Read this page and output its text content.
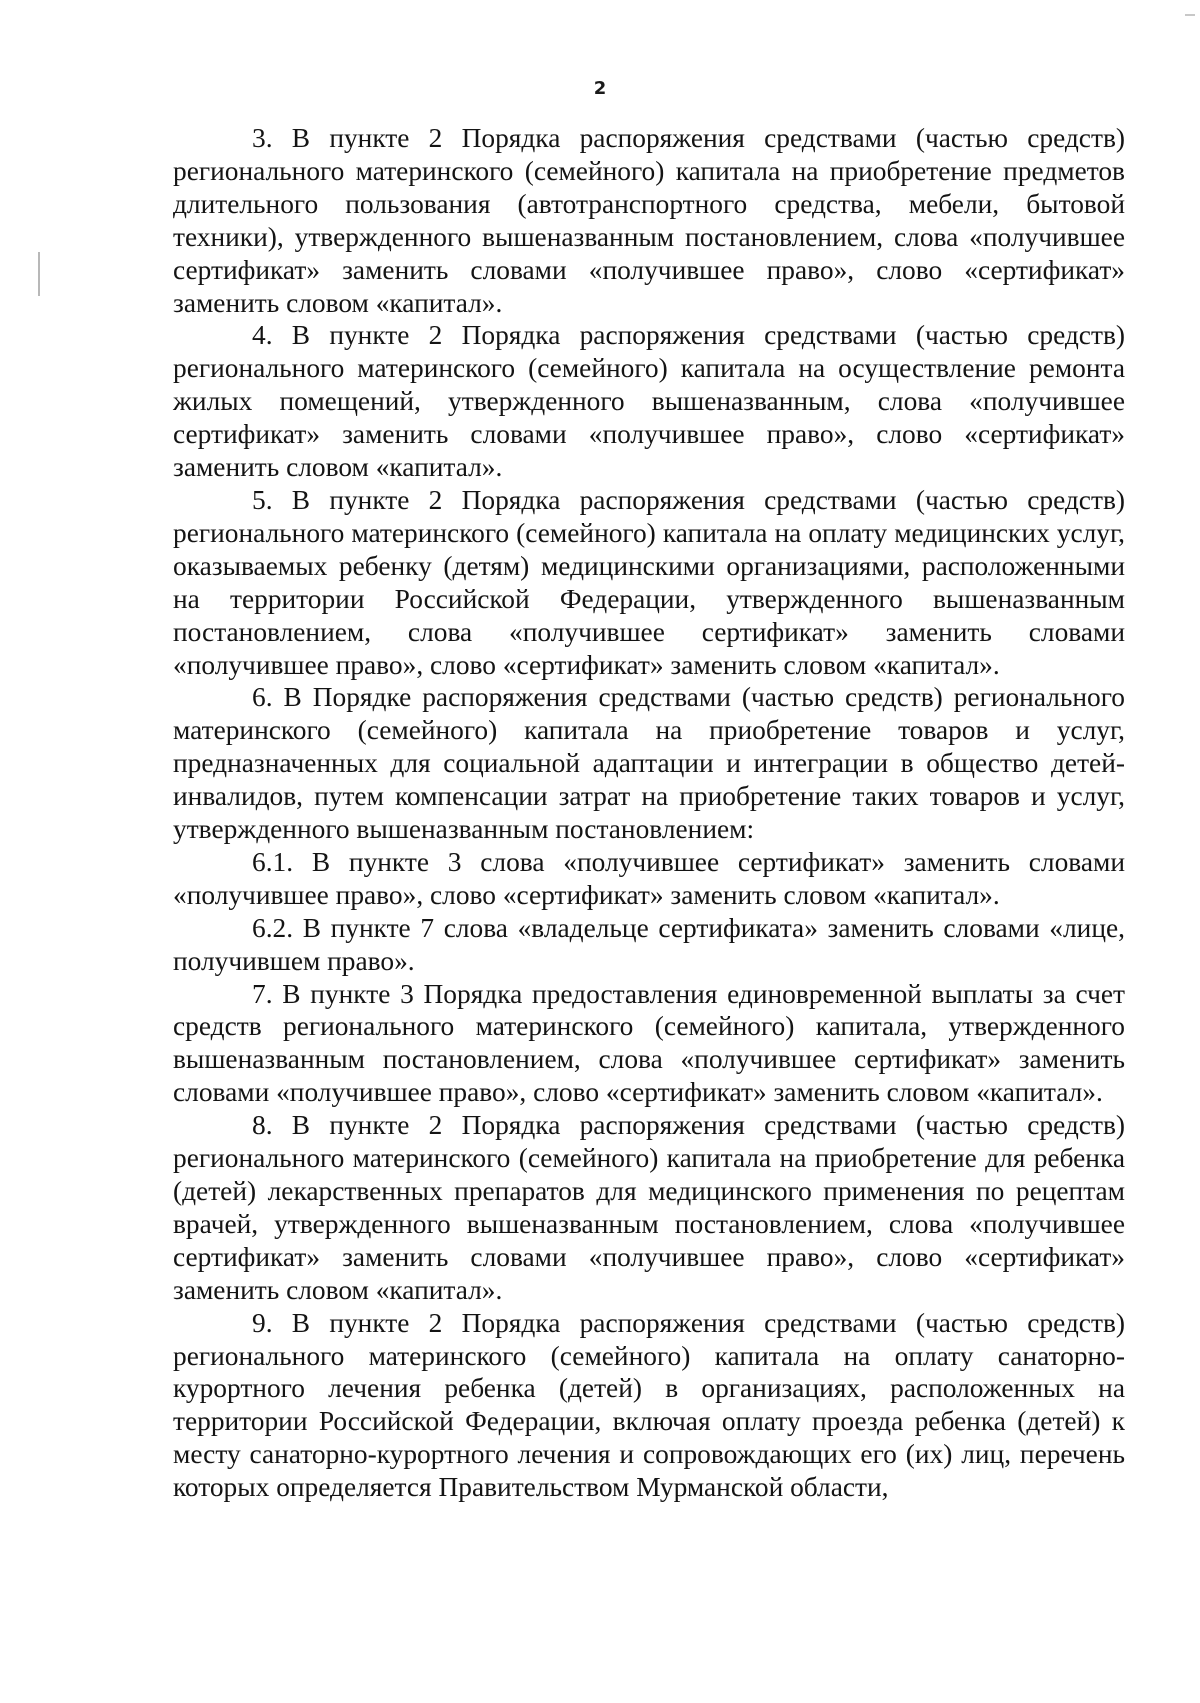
2

3. В пункте 2 Порядка распоряжения средствами (частью средств) регионального материнского (семейного) капитала на приобретение предметов длительного пользования (автотранспортного средства, мебели, бытовой техники), утвержденного вышеназванным постановлением, слова «получившее сертификат» заменить словами «получившее право», слово «сертификат» заменить словом «капитал».

4. В пункте 2 Порядка распоряжения средствами (частью средств) регионального материнского (семейного) капитала на осуществление ремонта жилых помещений, утвержденного вышеназванным, слова «получившее сертификат» заменить словами «получившее право», слово «сертификат» заменить словом «капитал».

5. В пункте 2 Порядка распоряжения средствами (частью средств) регионального материнского (семейного) капитала на оплату медицинских услуг, оказываемых ребенку (детям) медицинскими организациями, расположенными на территории Российской Федерации, утвержденного вышеназванным постановлением, слова «получившее сертификат» заменить словами «получившее право», слово «сертификат» заменить словом «капитал».

6. В Порядке распоряжения средствами (частью средств) регионального материнского (семейного) капитала на приобретение товаров и услуг, предназначенных для социальной адаптации и интеграции в общество детей-инвалидов, путем компенсации затрат на приобретение таких товаров и услуг, утвержденного вышеназванным постановлением:

6.1. В пункте 3 слова «получившее сертификат» заменить словами «получившее право», слово «сертификат» заменить словом «капитал».

6.2. В пункте 7 слова «владельце сертификата» заменить словами «лице, получившем право».

7. В пункте 3 Порядка предоставления единовременной выплаты за счет средств регионального материнского (семейного) капитала, утвержденного вышеназванным постановлением, слова «получившее сертификат» заменить словами «получившее право», слово «сертификат» заменить словом «капитал».

8. В пункте 2 Порядка распоряжения средствами (частью средств) регионального материнского (семейного) капитала на приобретение для ребенка (детей) лекарственных препаратов для медицинского применения по рецептам врачей, утвержденного вышеназванным постановлением, слова «получившее сертификат» заменить словами «получившее право», слово «сертификат» заменить словом «капитал».

9. В пункте 2 Порядка распоряжения средствами (частью средств) регионального материнского (семейного) капитала на оплату санаторно-курортного лечения ребенка (детей) в организациях, расположенных на территории Российской Федерации, включая оплату проезда ребенка (детей) к месту санаторно-курортного лечения и сопровождающих его (их) лиц, перечень которых определяется Правительством Мурманской области,
